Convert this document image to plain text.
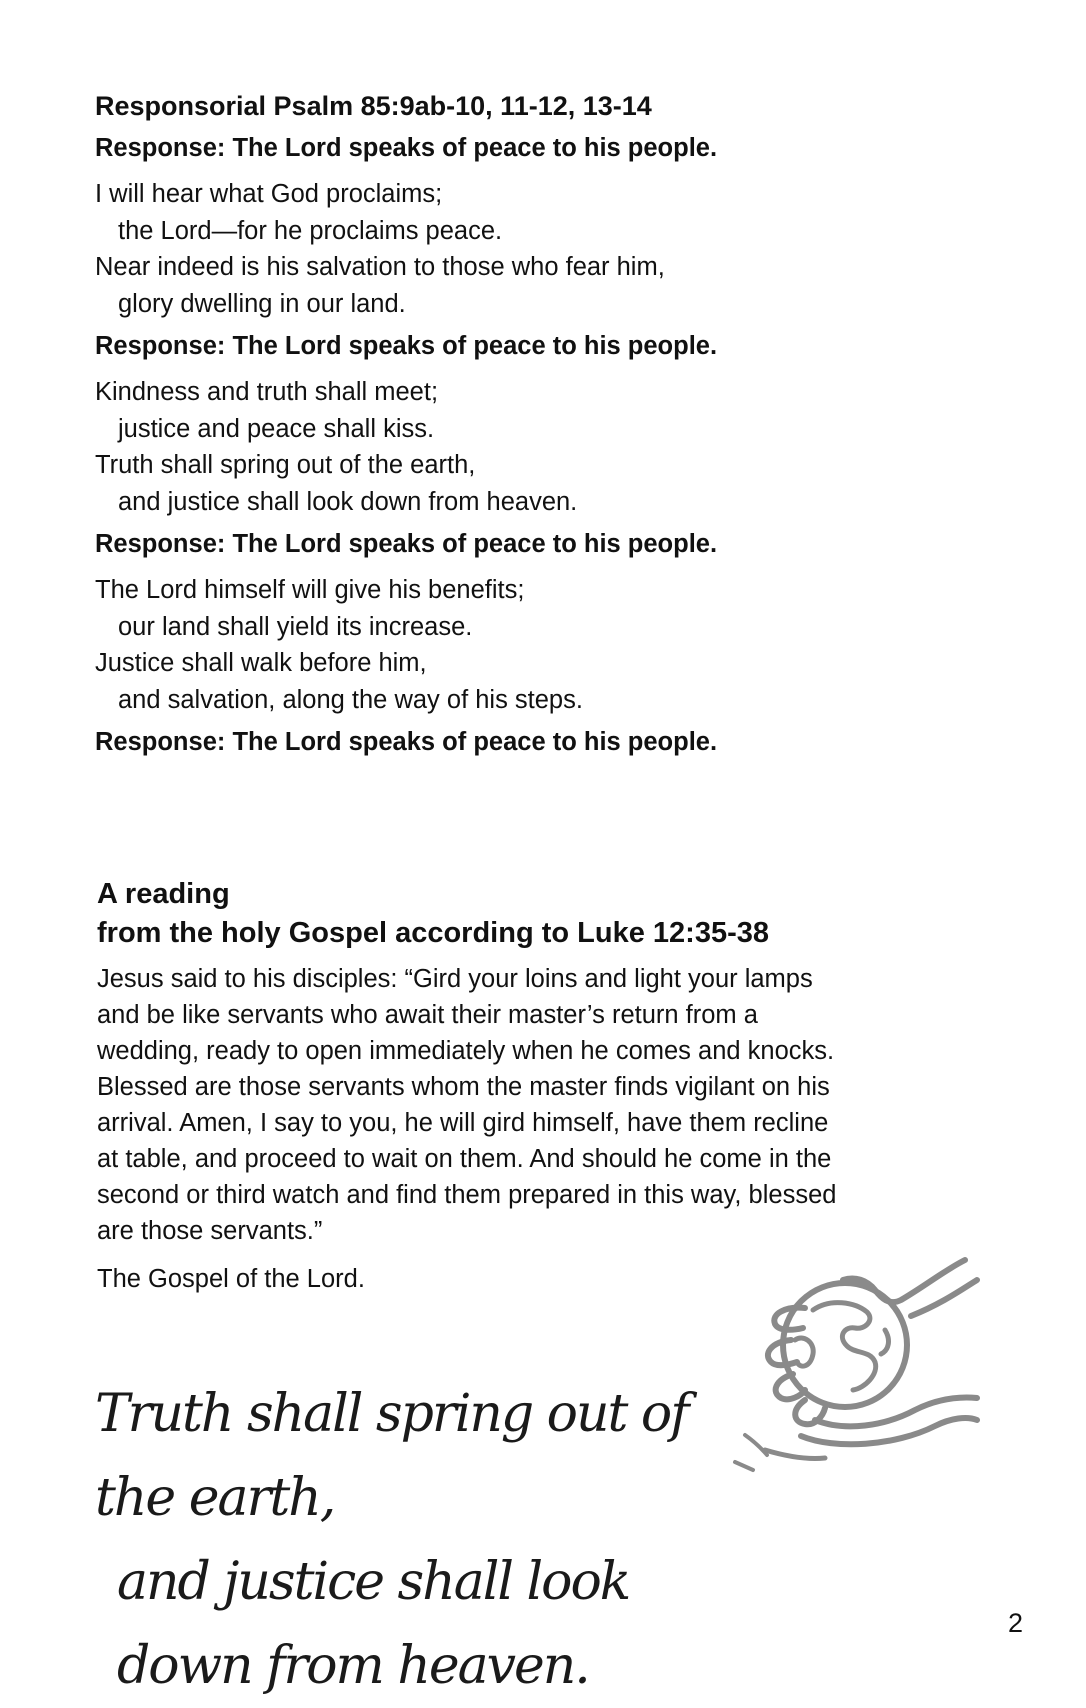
Responsorial Psalm 85:9ab-10, 11-12, 13-14
Response: The Lord speaks of peace to his people.
I will hear what God proclaims;
the Lord—for he proclaims peace.
Near indeed is his salvation to those who fear him,
glory dwelling in our land.
Response: The Lord speaks of peace to his people.
Kindness and truth shall meet;
justice and peace shall kiss.
Truth shall spring out of the earth,
and justice shall look down from heaven.
Response: The Lord speaks of peace to his people.
The Lord himself will give his benefits;
our land shall yield its increase.
Justice shall walk before him,
and salvation, along the way of his steps.
Response: The Lord speaks of peace to his people.
A reading
from the holy Gospel according to Luke 12:35-38
Jesus said to his disciples: “Gird your loins and light your lamps
and be like servants who await their master’s return from a
wedding, ready to open immediately when he comes and knocks.
Blessed are those servants whom the master finds vigilant on his
arrival. Amen, I say to you, he will gird himself, have them recline
at table, and proceed to wait on them. And should he come in the
second or third watch and find them prepared in this way, blessed
are those servants.”
The Gospel of the Lord.
Truth shall spring out of the earth,
and justice shall look down from heaven.
2
